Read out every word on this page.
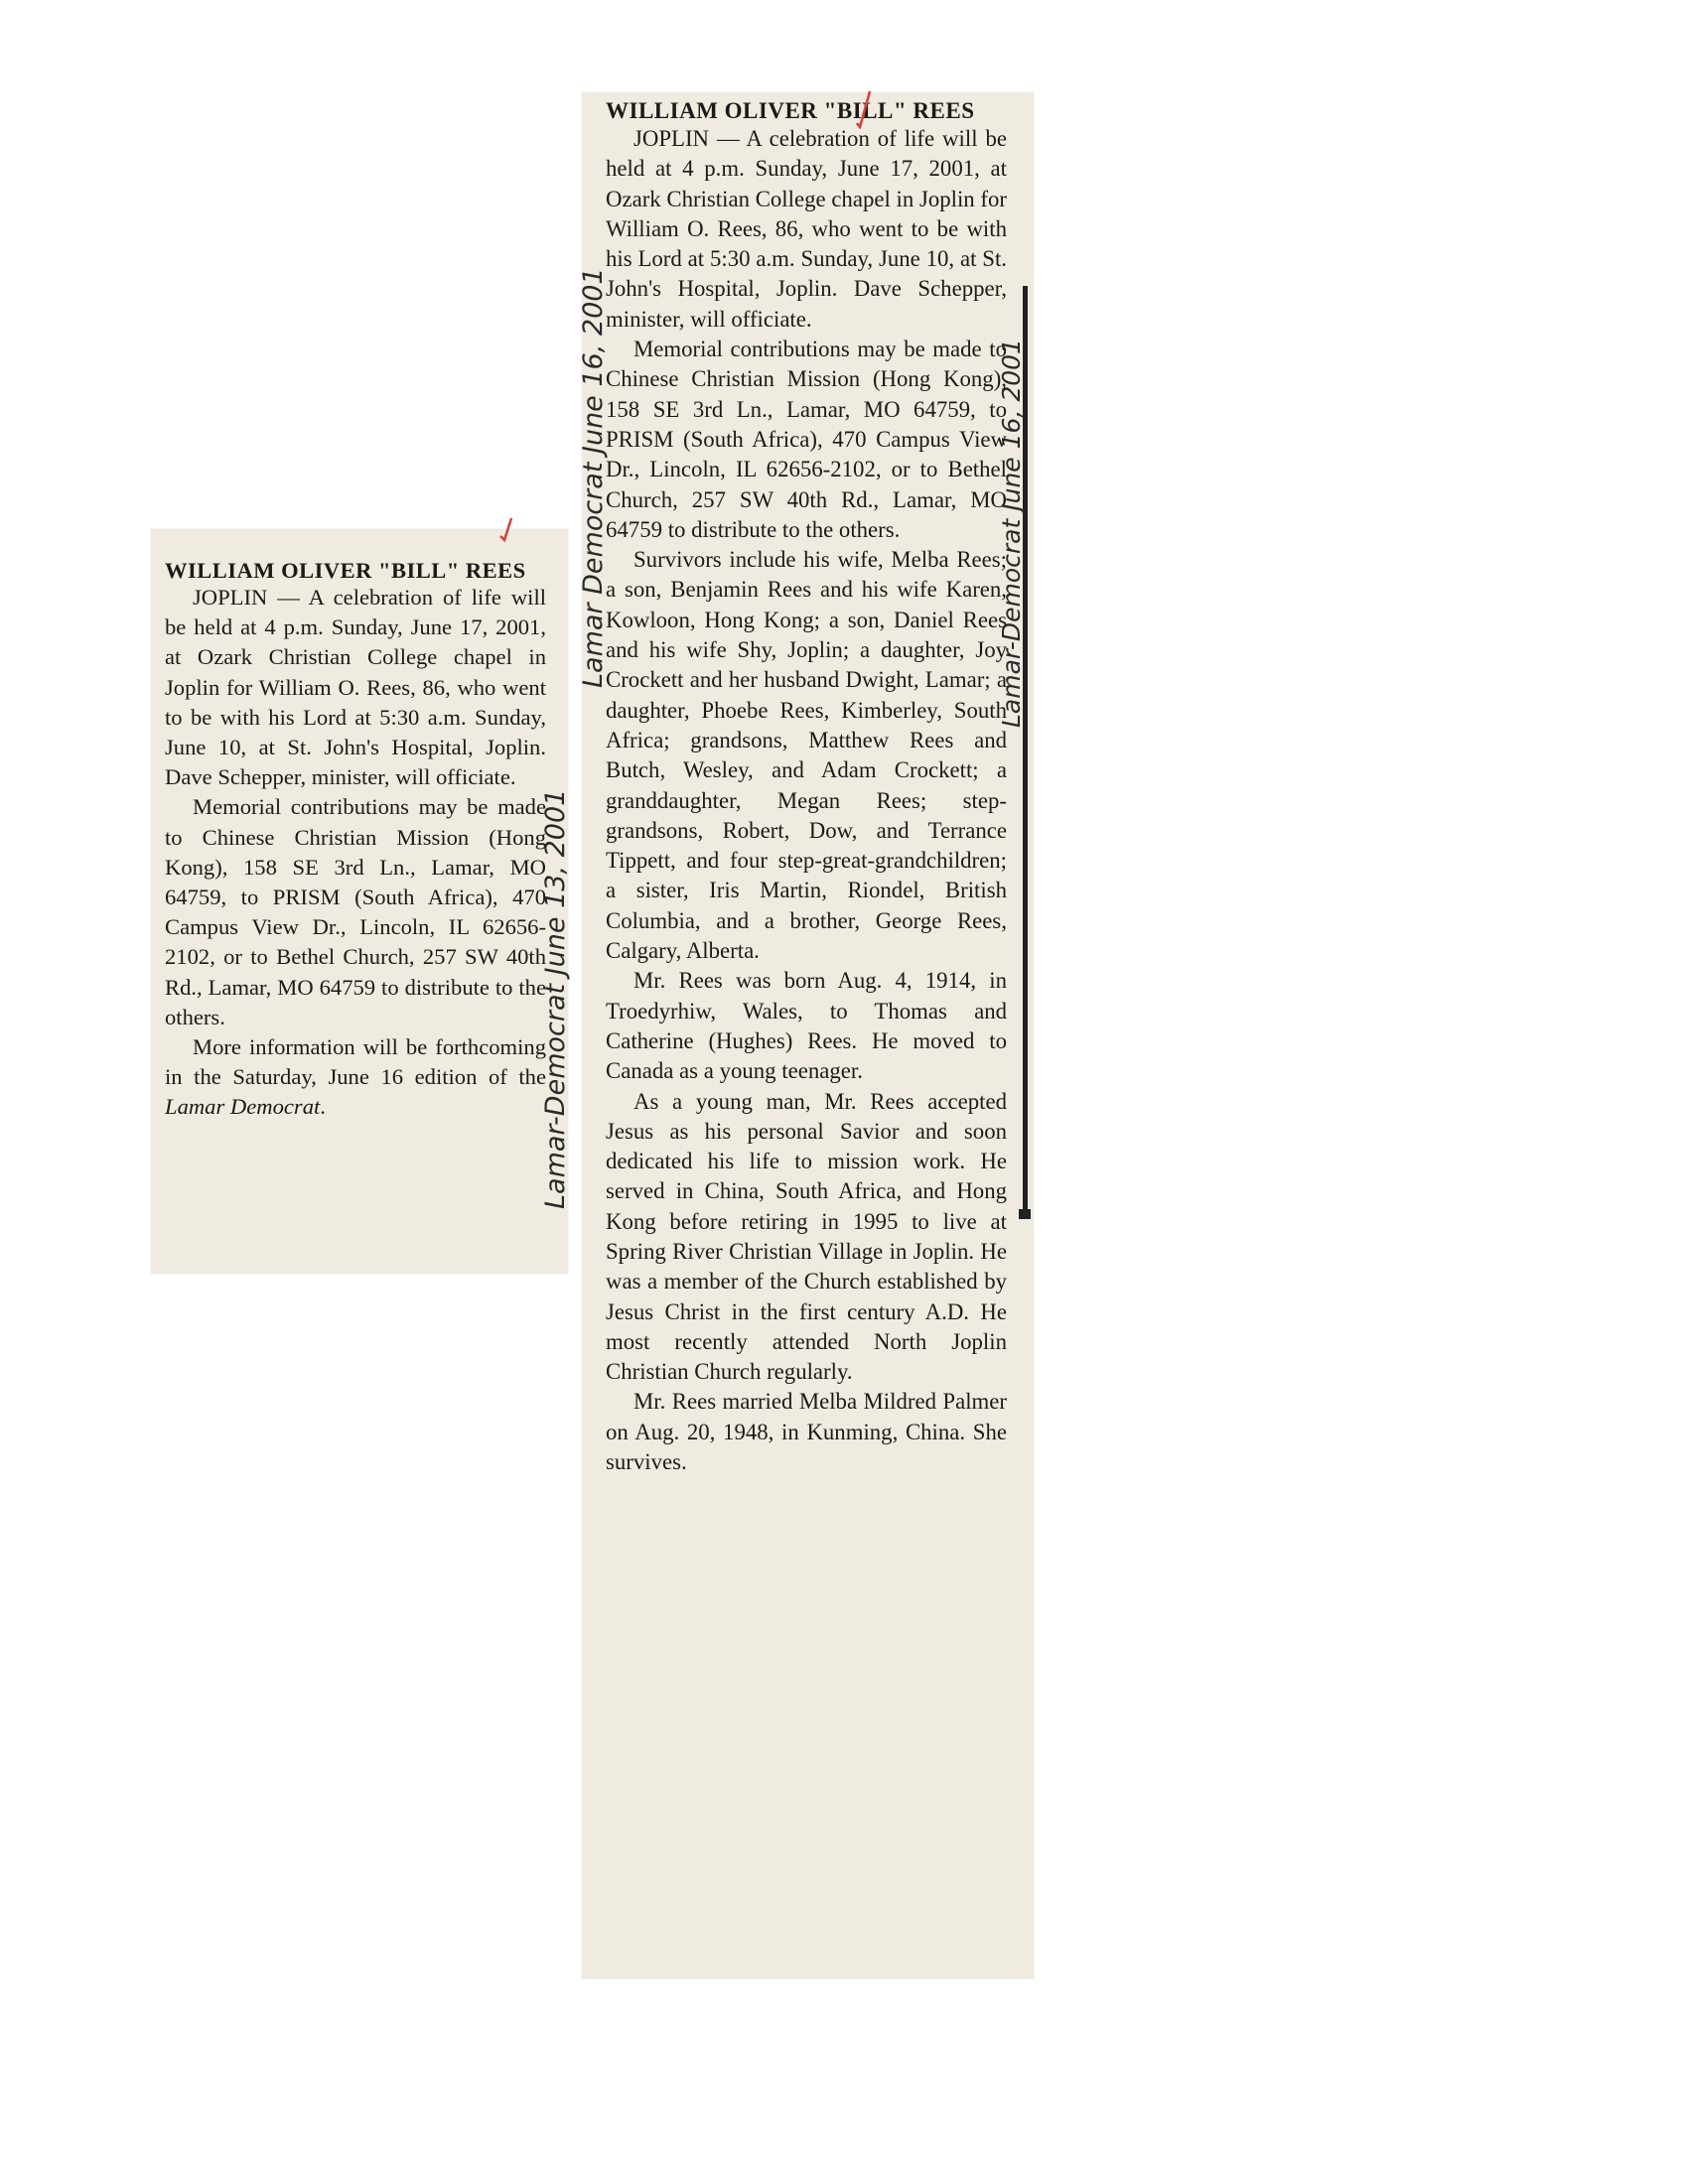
WILLIAM OLIVER "BILL" REES

JOPLIN — A celebration of life will be held at 4 p.m. Sunday, June 17, 2001, at Ozark Christian College chapel in Joplin for William O. Rees, 86, who went to be with his Lord at 5:30 a.m. Sunday, June 10, at St. John's Hospital, Joplin. Dave Schepper, minister, will officiate.

Memorial contributions may be made to Chinese Christian Mission (Hong Kong), 158 SE 3rd Ln., Lamar, MO 64759, to PRISM (South Africa), 470 Campus View Dr., Lincoln, IL 62656-2102, or to Bethel Church, 257 SW 40th Rd., Lamar, MO 64759 to distribute to the others.

More information will be forthcoming in the Saturday, June 16 edition of the Lamar Democrat.	Lamar-Democrat June 13, 2001
WILLIAM OLIVER "BILL" REES

JOPLIN — A celebration of life will be held at 4 p.m. Sunday, June 17, 2001, at Ozark Christian College chapel in Joplin for William O. Rees, 86, who went to be with his Lord at 5:30 a.m. Sunday, June 10, at St. John's Hospital, Joplin. Dave Schepper, minister, will officiate.

Memorial contributions may be made to Chinese Christian Mission (Hong Kong), 158 SE 3rd Ln., Lamar, MO 64759, to PRISM (South Africa), 470 Campus View Dr., Lincoln, IL 62656-2102, or to Bethel Church, 257 SW 40th Rd., Lamar, MO 64759 to distribute to the others.

Survivors include his wife, Melba Rees; a son, Benjamin Rees and his wife Karen, Kowloon, Hong Kong; a son, Daniel Rees and his wife Shy, Joplin; a daughter, Joy Crockett and her husband Dwight, Lamar; a daughter, Phoebe Rees, Kimberley, South Africa; grandsons, Matthew Rees and Butch, Wesley, and Adam Crockett; a granddaughter, Megan Rees; step-grandsons, Robert, Dow, and Terrance Tippett, and four step-great-grandchildren; a sister, Iris Martin, Riondel, British Columbia, and a brother, George Rees, Calgary, Alberta.

Mr. Rees was born Aug. 4, 1914, in Troedyrhiw, Wales, to Thomas and Catherine (Hughes) Rees. He moved to Canada as a young teenager.

As a young man, Mr. Rees accepted Jesus as his personal Savior and soon dedicated his life to mission work. He served in China, South Africa, and Hong Kong before retiring in 1995 to live at Spring River Christian Village in Joplin. He was a member of the Church established by Jesus Christ in the first century A.D. He most recently attended North Joplin Christian Church regularly.

Mr. Rees married Melba Mildred Palmer on Aug. 20, 1948, in Kunming, China. She survives.

Lamar Democrat June 16, 2001	Lamar-Democrat June 16, 2001
